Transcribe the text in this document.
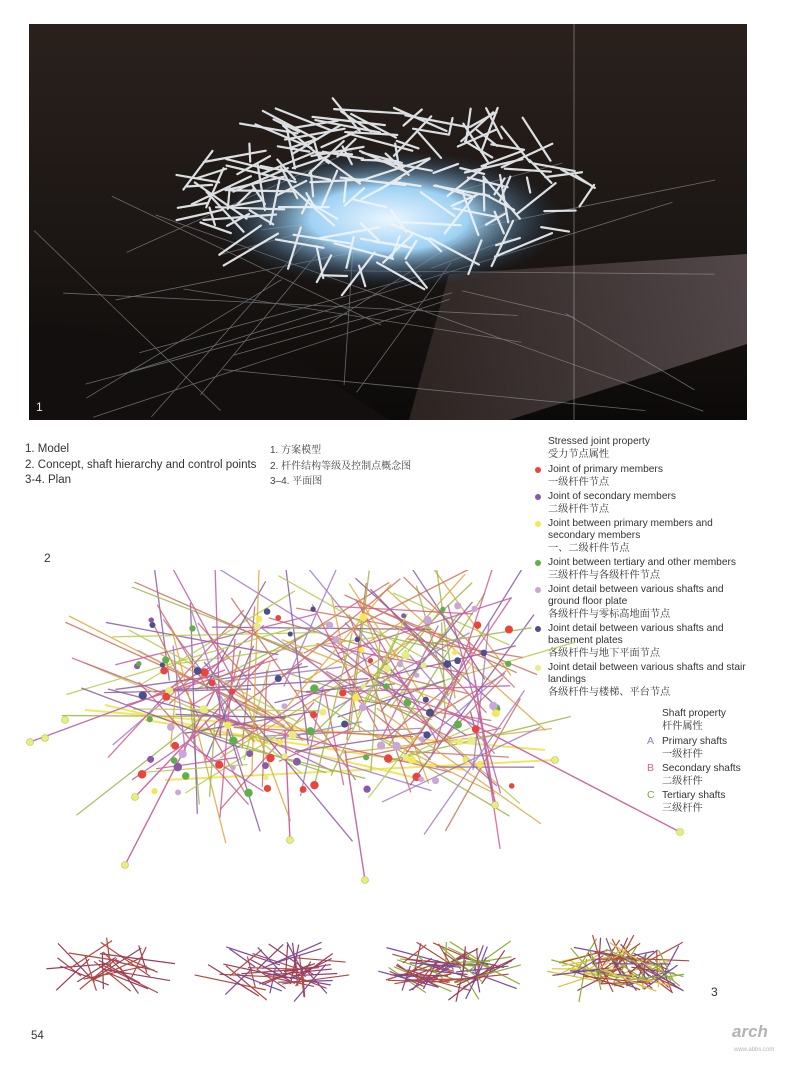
1
1. Model
2. Concept, shaft hierarchy and control points
3-4. Plan
1. 方案模型
2. 杆件结构等级及控制点概念图
3–4. 平面图
Stressed joint property
受力节点属性
Joint of primary members
一级杆件节点
Joint of secondary members
二级杆件节点
Joint between primary members and secondary members
一、二级杆件节点
Joint between tertiary and other members
三级杆件与各级杆件节点
Joint detail between various shafts and ground floor plate
各级杆件与零标高地面节点
Joint detail between various shafts and basement plates
各级杆件与地下平面节点
Joint detail between various shafts and stair landings
各级杆件与楼梯、平台节点
2
Shaft property
杆件属性
A Primary shafts
一级杆件
B Secondary shafts
二级杆件
C Tertiary shafts
三级杆件
3
54	arch
www.abbs.com
